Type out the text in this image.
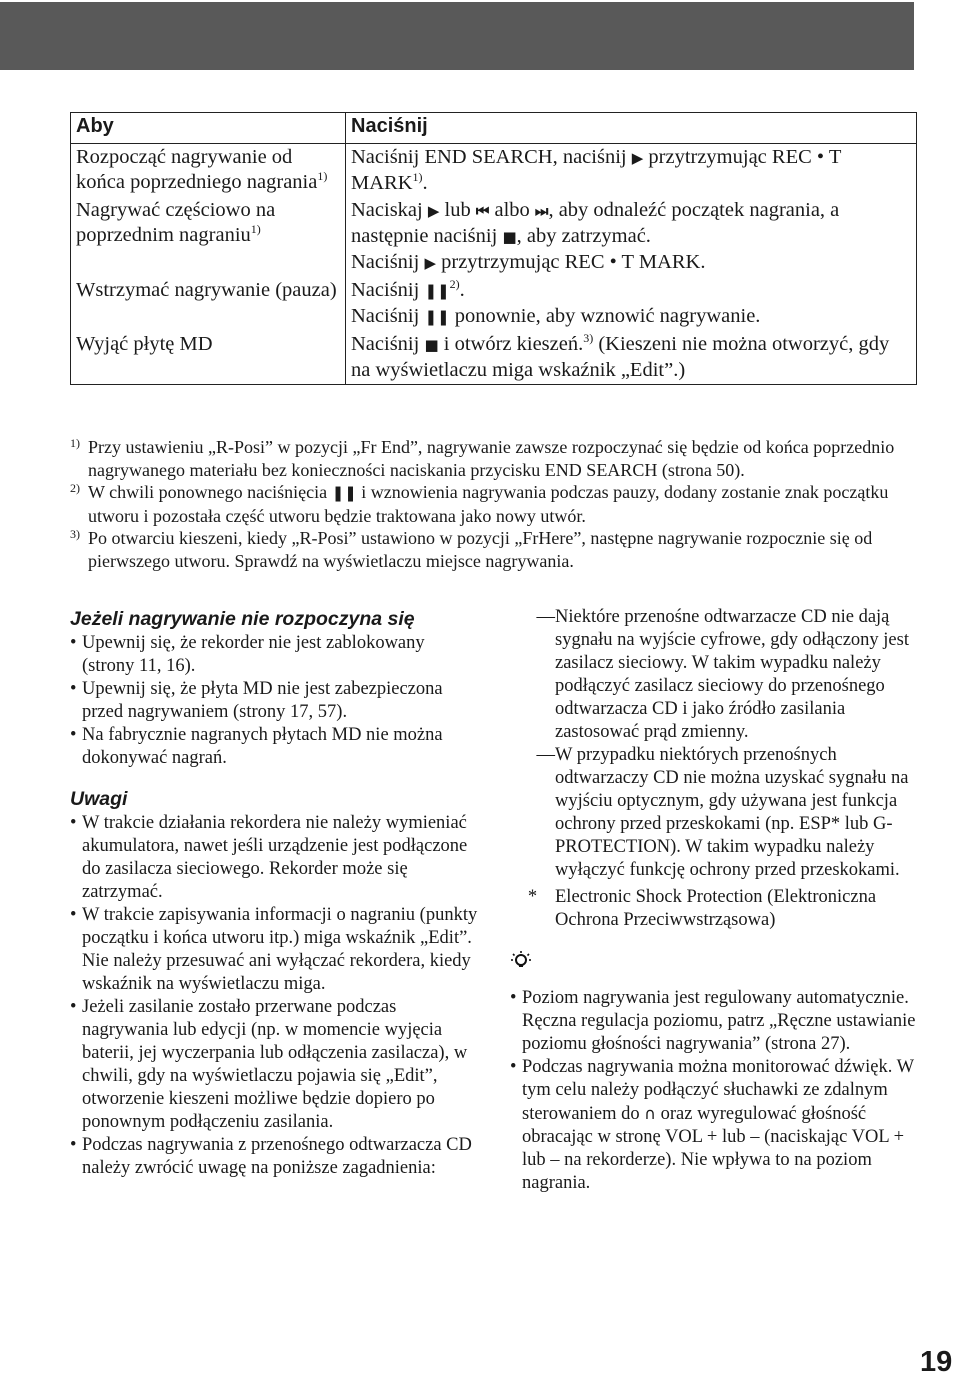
Aby	Naciśnij
Rozpocząć nagrywanie od końca poprzedniego nagrania$^{1)}$	Naciśnij END SEARCH, naciśnij ▶ przytrzymując REC • T MARK$^{1)}$.
Nagrywać częściowo na poprzednim nagraniu$^{1)}$	Naciskaj ▶ lub ⏮ albo ⏭, aby odnaleźć początek nagrania, a następnie naciśnij ■, aby zatrzymać.
Naciśnij ▶ przytrzymując REC • T MARK.
Wstrzymać nagrywanie (pauza)	Naciśnij ❚❚$^{2)}$.
Naciśnij ❚❚ ponownie, aby wznowić nagrywanie.
Wyjąć płytę MD	Naciśnij ■ i otwórz kieszeń.$^{3)}$ (Kieszeni nie można otworzyć, gdy na wyświetlaczu miga wskaźnik „Edit”.)
1) Przy ustawieniu „R-Posi” w pozycji „Fr End”, nagrywanie zawsze rozpoczynać się będzie od końca poprzednio nagrywanego materiału bez konieczności naciskania przycisku END SEARCH (strona 50).
2) W chwili ponownego naciśnięcia ❚❚ i wznowienia nagrywania podczas pauzy, dodany zostanie znak początku utworu i pozostała część utworu będzie traktowana jako nowy utwór.
3) Po otwarciu kieszeni, kiedy „R-Posi” ustawiono w pozycji „FrHere”, następne nagrywanie rozpocznie się od pierwszego utworu. Sprawdź na wyświetlaczu miejsce nagrywania.
Jeżeli nagrywanie nie rozpoczyna się
• Upewnij się, że rekorder nie jest zablokowany (strony 11, 16).
• Upewnij się, że płyta MD nie jest zabezpieczona przed nagrywaniem (strony 17, 57).
• Na fabrycznie nagranych płytach MD nie można dokonywać nagrań.
Uwagi
• W trakcie działania rekordera nie należy wymieniać akumulatora, nawet jeśli urządzenie jest podłączone do zasilacza sieciowego. Rekorder może się zatrzymać.
• W trakcie zapisywania informacji o nagraniu (punkty początku i końca utworu itp.) miga wskaźnik „Edit”. Nie należy przesuwać ani wyłączać rekordera, kiedy wskaźnik na wyświetlaczu miga.
• Jeżeli zasilanie zostało przerwane podczas nagrywania lub edycji (np. w momencie wyjęcia baterii, jej wyczerpania lub odłączenia zasilacza), w chwili, gdy na wyświetlaczu pojawia się „Edit”, otworzenie kieszeni możliwe będzie dopiero po ponownym podłączeniu zasilania.
• Podczas nagrywania z przenośnego odtwarzacza CD należy zwrócić uwagę na poniższe zagadnienia:
— Niektóre przenośne odtwarzacze CD nie dają sygnału na wyjście cyfrowe, gdy odłączony jest zasilacz sieciowy. W takim wypadku należy podłączyć zasilacz sieciowy do przenośnego odtwarzacza CD i jako źródło zasilania zastosować prąd zmienny.
— W przypadku niektórych przenośnych odtwarzaczy CD nie można uzyskać sygnału na wyjściu optycznym, gdy używana jest funkcja ochrony przed przeskokami (np. ESP* lub G-PROTECTION). W takim wypadku należy wyłączyć funkcję ochrony przed przeskokami.
* Electronic Shock Protection (Elektroniczna Ochrona Przeciwwstrząsowa)
• Poziom nagrywania jest regulowany automatycznie. Ręczna regulacja poziomu, patrz „Ręczne ustawianie poziomu głośności nagrywania” (strona 27).
• Podczas nagrywania można monitorować dźwięk. W tym celu należy podłączyć słuchawki ze zdalnym sterowaniem do ∩ oraz wyregulować głośność obracając w stronę VOL + lub – (naciskając VOL + lub – na rekorderze). Nie wpływa to na poziom nagrania.
19
